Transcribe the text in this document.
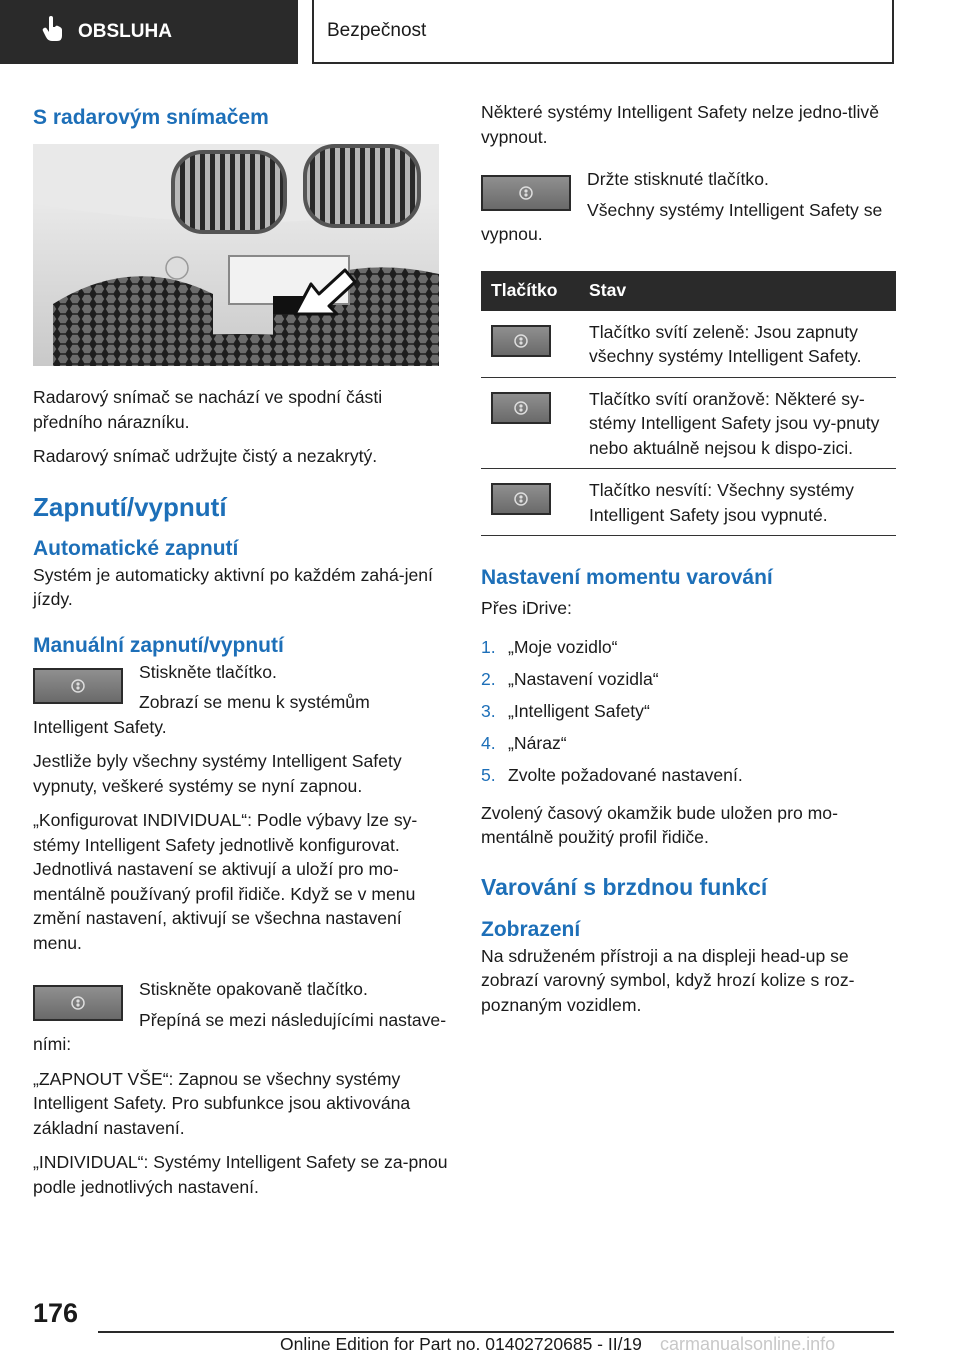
OBSLUHA	Bezpečnost
S radarovým snímačem

Radarový snímač se nachází ve spodní části předního nárazníku.

Radarový snímač udržujte čistý a nezakrytý.

Zapnutí/vypnutí
Automatické zapnutí

Systém je automaticky aktivní po každém zahá-jení jízdy.

Manuální zapnutí/vypnutí

Stiskněte tlačítko.

Zobrazí se menu k systémům Intelligent Safety.

Jestliže byly všechny systémy Intelligent Safety vypnuty, veškeré systémy se nyní zapnou.

„Konfigurovat INDIVIDUAL“: Podle výbavy lze sy-stémy Intelligent Safety jednotlivě konfigurovat. Jednotlivá nastavení se aktivují a uloží pro mo-mentálně používaný profil řidiče. Když se v menu změní nastavení, aktivují se všechna nastavení menu.

Stiskněte opakovaně tlačítko.

Přepíná se mezi následujícími nastave-ními:

„ZAPNOUT VŠE“: Zapnou se všechny systémy Intelligent Safety. Pro subfunkce jsou aktivována základní nastavení.

„INDIVIDUAL“: Systémy Intelligent Safety se za-pnou podle jednotlivých nastavení.

Některé systémy Intelligent Safety nelze jedno-tlivě vypnout.

Držte stisknuté tlačítko.

Všechny systémy Intelligent Safety se vypnou.

Tlačítko	Stav

	Tlačítko svítí zeleně: Jsou zapnuty všechny systémy Intelligent Safety.

	Tlačítko svítí oranžově: Některé sy-stémy Intelligent Safety jsou vy-pnuty nebo aktuálně nejsou k dispo-zici.

	Tlačítko nesvítí: Všechny systémy Intelligent Safety jsou vypnuté.
Nastavení momentu varování

Přes iDrive:

1. „Moje vozidlo“
2. „Nastavení vozidla“
3. „Intelligent Safety“
4. „Náraz“
5. Zvolte požadované nastavení.

Zvolený časový okamžik bude uložen pro mo-mentálně použitý profil řidiče.

Varování s brzdnou funkcí
Zobrazení

Na sdruženém přístroji a na displeji head-up se zobrazí varovný symbol, když hrozí kolize s roz-poznaným vozidlem.

176
Online Edition for Part no. 01402720685 - II/19 carmanualsonline.info
